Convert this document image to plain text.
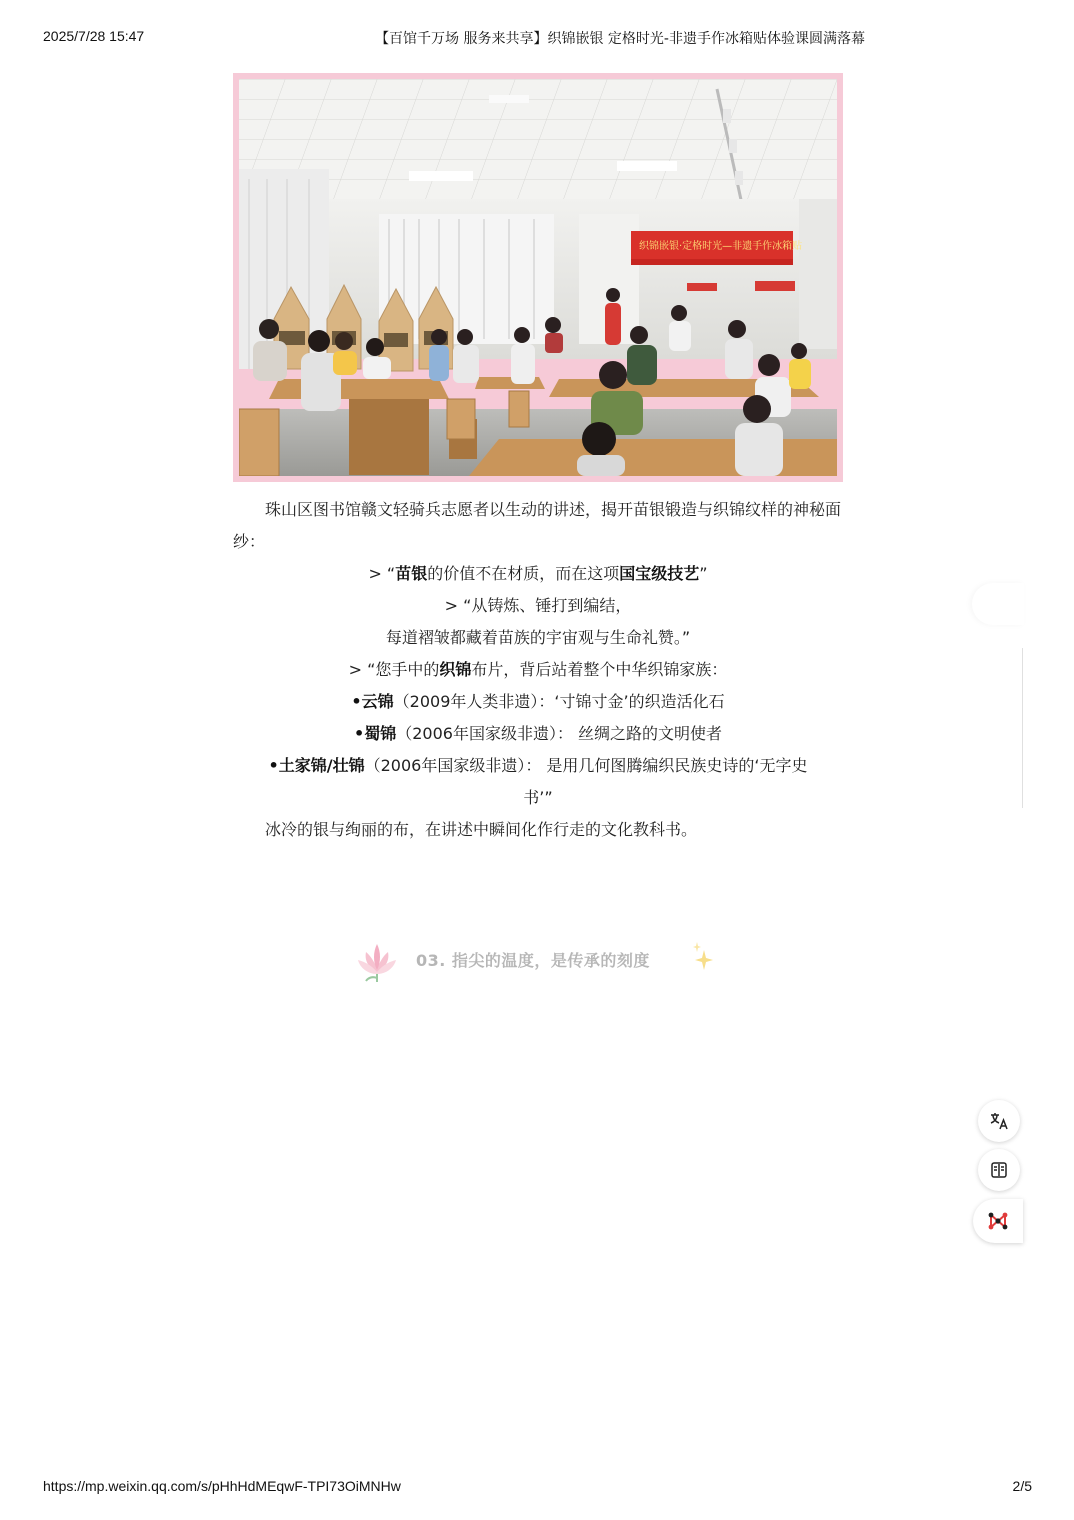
2025/7/28 15:47	【百馆千万场 服务来共享】织锦嵌银 定格时光-非遗手作冰箱贴体验课圆满落幕
织锦嵌银·定格时光—非遗手作冰箱贴

珠山区图书馆赣文轻骑兵志愿者以生动的讲述，揭开苗银锻造与织锦纹样的神秘面纱：

> “苗银的价值不在材质，而在这项国宝级技艺”

> “从铸炼、锤打到编结，

每道褶皱都藏着苗族的宇宙观与生命礼赞。”

> “您手中的织锦布片，背后站着整个中华织锦家族：

•云锦（2009年人类非遗）：‘寸锦寸金’的织造活化石

•蜀锦（2006年国家级非遗）： 丝绸之路的文明使者

•土家锦/壮锦（2006年国家级非遗）： 是用几何图腾编织民族史诗的‘无字史

书’”

冰冷的银与绚丽的布，在讲述中瞬间化作行走的文化教科书。

03. 指尖的温度，是传承的刻度
https://mp.weixin.qq.com/s/pHhHdMEqwF-TPI73OiMNHw	2/5
